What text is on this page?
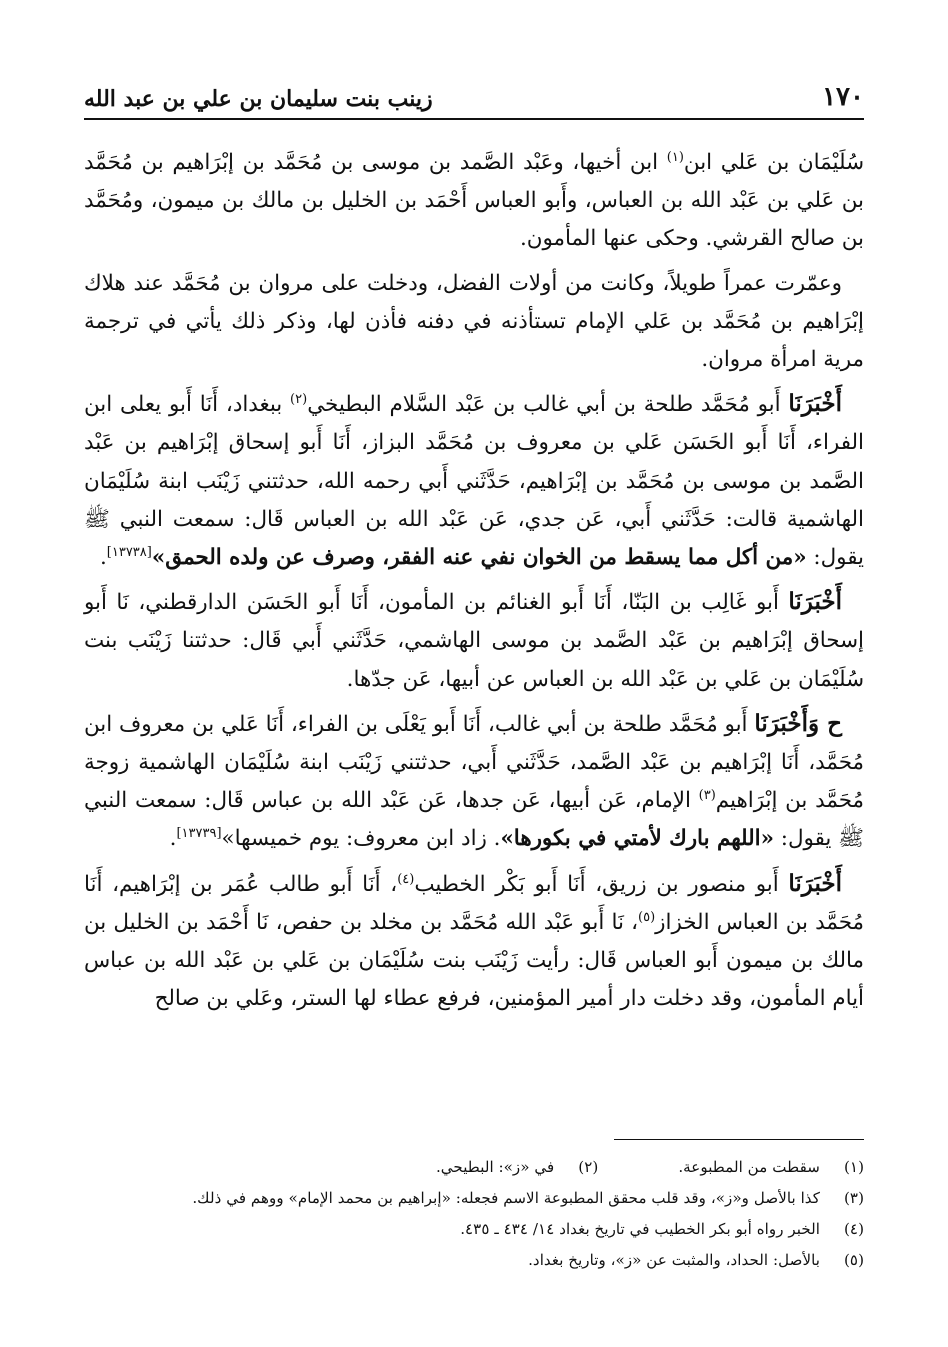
١٧٠
زينب بنت سليمان بن علي بن عبد الله

سُلَيْمَان بن عَلي ابن$^{(١)}$ ابن أخيها، وعَبْد الصَّمد بن موسى بن مُحَمَّد بن إبْرَاهيم بن مُحَمَّد بن عَلي بن عَبْد الله بن العباس، وأَبو العباس أَحْمَد بن الخليل بن مالك بن ميمون، ومُحَمَّد بن صالح القرشي. وحكى عنها المأمون.

وعمّرت عمراً طويلاً، وكانت من أولات الفضل، ودخلت على مروان بن مُحَمَّد عند هلاك إبْرَاهيم بن مُحَمَّد بن عَلي الإمام تستأذنه في دفنه فأذن لها، وذكر ذلك يأتي في ترجمة مرية امرأة مروان.

أَخْبَرَنَا أَبو مُحَمَّد طلحة بن أبي غالب بن عَبْد السَّلام البطيخي$^{(٢)}$ ببغداد، أَنَا أَبو يعلى ابن الفراء، أَنَا أَبو الحَسَن عَلي بن معروف بن مُحَمَّد البزاز، أَنَا أَبو إسحاق إبْرَاهيم بن عَبْد الصَّمد بن موسى بن مُحَمَّد بن إبْرَاهيم، حَدَّثَني أَبي رحمه الله، حدثتني زَيْنَب ابنة سُلَيْمَان الهاشمية قالت: حَدَّثَني أَبي، عَن جدي، عَن عَبْد الله بن العباس قَال: سمعت النبي ﷺ يقول: «من أكل مما يسقط من الخوان نفي عنه الفقر، وصرف عن ولده الحمق»[١٣٧٣٨].

أَخْبَرَنَا أَبو غَالِب بن البَنّا، أَنَا أَبو الغنائم بن المأمون، أَنَا أَبو الحَسَن الدارقطني، نَا أَبو إسحاق إبْرَاهيم بن عَبْد الصَّمد بن موسى الهاشمي، حَدَّثَني أَبي قَال: حدثتنا زَيْنَب بنت سُلَيْمَان بن عَلي بن عَبْد الله بن العباس عن أبيها، عَن جدّها.

ح وَأَخْبَرَنَا أَبو مُحَمَّد طلحة بن أبي غالب، أَنَا أَبو يَعْلَى بن الفراء، أَنَا عَلي بن معروف ابن مُحَمَّد، أَنَا إبْرَاهيم بن عَبْد الصَّمد، حَدَّثَني أَبي، حدثتني زَيْنَب ابنة سُلَيْمَان الهاشمية زوجة مُحَمَّد بن إبْرَاهيم$^{(٣)}$ الإمام، عَن أبيها، عَن جدها، عَن عَبْد الله بن عباس قَال: سمعت النبي ﷺ يقول: «اللهم بارك لأمتي في بكورها». زاد ابن معروف: يوم خميسها»[١٣٧٣٩].

أَخْبَرَنَا أَبو منصور بن زريق، أَنَا أَبو بَكْر الخطيب$^{(٤)}$، أَنَا أَبو طالب عُمَر بن إبْرَاهيم، أَنَا مُحَمَّد بن العباس الخزاز$^{(٥)}$، نَا أَبو عَبْد الله مُحَمَّد بن مخلد بن حفص، نَا أَحْمَد بن الخليل بن مالك بن ميمون أَبو العباس قَال: رأيت زَيْنَب بنت سُلَيْمَان بن عَلي بن عَبْد الله بن عباس أيام المأمون، وقد دخلت دار أمير المؤمنين، فرفع عطاء لها الستر، وعَلي بن صالح

(١)
سقطت من المطبوعة.
(٢)
في «ز»: البطيحي.
(٣)
كذا بالأصل و«ز»، وقد قلب محقق المطبوعة الاسم فجعله: «إبراهيم بن محمد الإمام» ووهم في ذلك.
(٤)
الخبر رواه أبو بكر الخطيب في تاريخ بغداد ١٤/ ٤٣٤ ـ ٤٣٥.
(٥)
بالأصل: الحداد، والمثبت عن «ز»، وتاريخ بغداد.
